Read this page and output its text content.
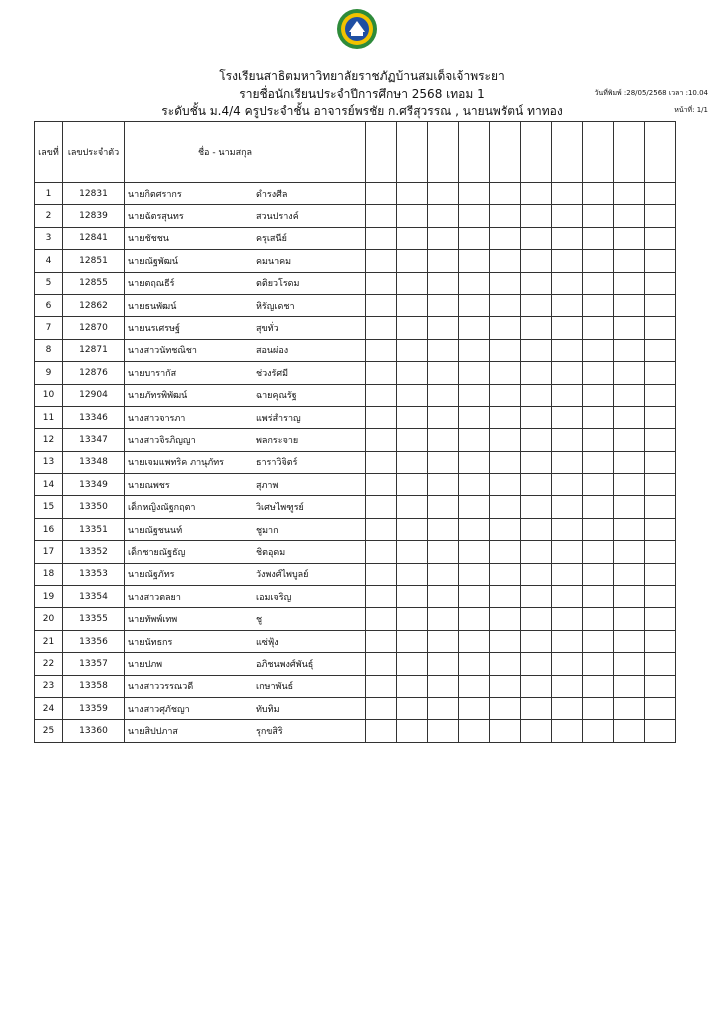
โรงเรียนสาธิตมหาวิทยาลัยราชภัฏบ้านสมเด็จเจ้าพระยา
รายชื่อนักเรียนประจำปีการศึกษา 2568 เทอม 1
ระดับชั้น ม.4/4 ครูประจำชั้น อาจารย์พรชัย ก.ศรีสุวรรณ , นายนพรัตน์ ทาทอง
วันที่พิมพ์ :28/05/2568 เวลา :10.04
หน้าที่: 1/1
เลขที่	เลขประจำตัว	ชื่อ - นามสกุล										
1	12831	นายกิตศรากร ดำรงศีล										

2	12839	นายฉัตรสุนทร สวนปรางค์										

3	12841	นายชัชชน ครุเสนีย์										

4	12851	นายณัฐพัฒน์ คมนาคม										

5	12855	นายตฤณธีร์ ตติยวโรดม										

6	12862	นายธนพัฒน์ หิรัญเดชา										

7	12870	นายนรเศรษฐ์ สุขทั่ว										

8	12871	นางสาวนัทชณิชา สอนผ่อง										

9	12876	นายบารากัส ช่วงรัศมี										

10	12904	นายภัทรพิพัฒน์ ฉายคุณรัฐ										

11	13346	นางสาวจารภา แพร่สำราญ										

12	13347	นางสาวจิรภิญญา พลกระจาย										

13	13348	นายเจมแพทริค ภานุภัทร ธาราวิจิตร์										

14	13349	นายณพชร สุภาพ										

15	13350	เด็กหญิงณัฐกฤตา วิเศษไพฑูรย์										

16	13351	นายณัฐชนนท์ ชูมาก										

17	13352	เด็กชายณัฐธัญ ชิตอุดม										

18	13353	นายณัฐภัทร วังพงศ์ไพบูลย์										

19	13354	นางสาวตลยา เอมเจริญ										

20	13355	นายทัพพ์เทพ ชู										

21	13356	นายนัทธกร แซ่ฟุ้ง										

22	13357	นายปภพ อภิชนพงศ์พันธุ์										

23	13358	นางสาววรรณวดี เกษาพันธ์										

24	13359	นางสาวศุภัชญา ทับทิม										

25	13360	นายสิปปภาส รุกขสิริ										
